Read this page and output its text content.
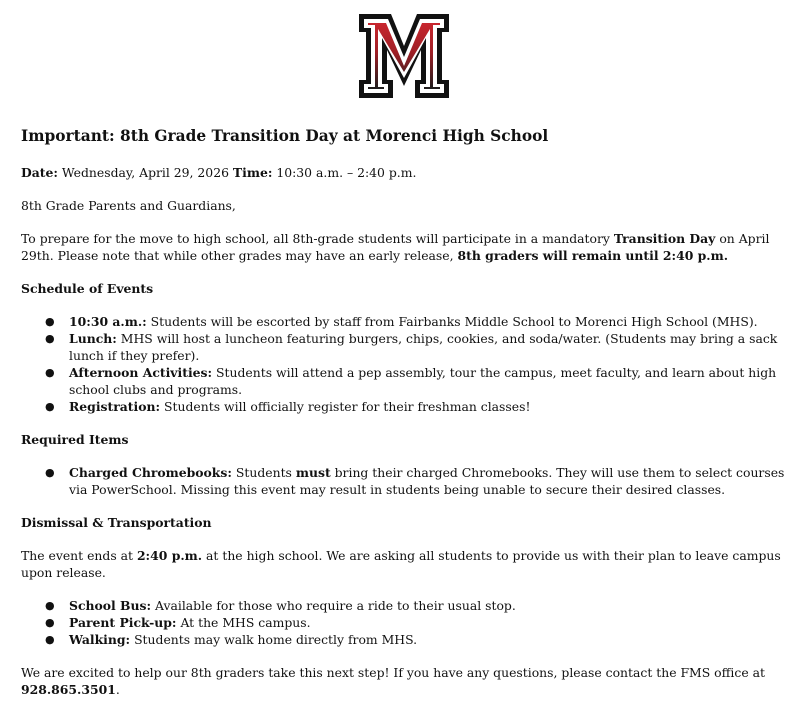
Important: 8th Grade Transition Day at Morenci High School

Date: Wednesday, April 29, 2026 Time: 10:30 a.m. – 2:40 p.m.

8th Grade Parents and Guardians,

To prepare for the move to high school, all 8th-grade students will participate in a mandatory Transition Day on April 29th. Please note that while other grades may have an early release, 8th graders will remain until 2:40 p.m.

Schedule of Events
● 10:30 a.m.: Students will be escorted by staff from Fairbanks Middle School to Morenci High School (MHS).
● Lunch: MHS will host a luncheon featuring burgers, chips, cookies, and soda/water. (Students may bring a sack lunch if they prefer).
● Afternoon Activities: Students will attend a pep assembly, tour the campus, meet faculty, and learn about high school clubs and programs.
● Registration: Students will officially register for their freshman classes!
Required Items
● Charged Chromebooks: Students must bring their charged Chromebooks. They will use them to select courses via PowerSchool. Missing this event may result in students being unable to secure their desired classes.
Dismissal & Transportation

The event ends at 2:40 p.m. at the high school. We are asking all students to provide us with their plan to leave campus upon release.

● School Bus: Available for those who require a ride to their usual stop.
● Parent Pick-up: At the MHS campus.
● Walking: Students may walk home directly from MHS.

We are excited to help our 8th graders take this next step! If you have any questions, please contact the FMS office at 928.865.3501.
